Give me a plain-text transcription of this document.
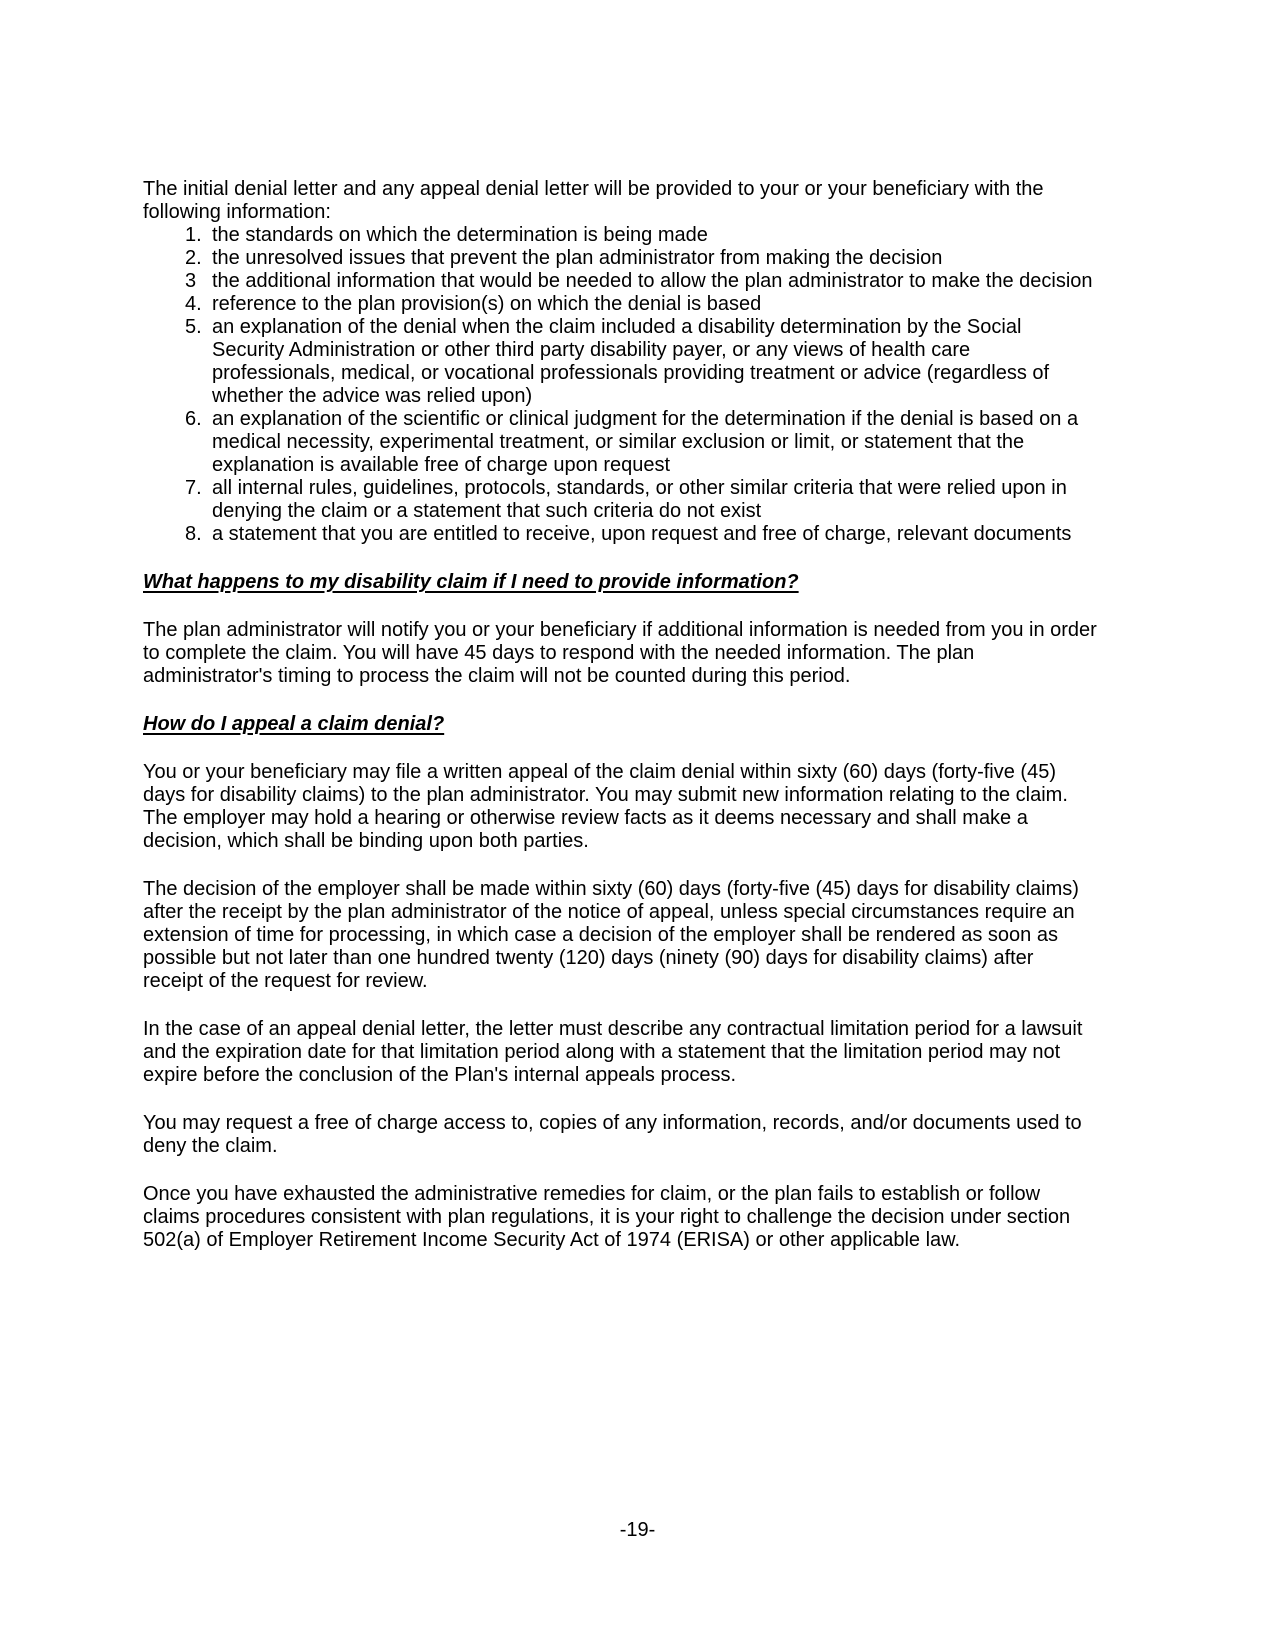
The initial denial letter and any appeal denial letter will be provided to your or your beneficiary with the following information:

1. the standards on which the determination is being made
2. the unresolved issues that prevent the plan administrator from making the decision
3 the additional information that would be needed to allow the plan administrator to make the decision
4. reference to the plan provision(s) on which the denial is based
5. an explanation of the denial when the claim included a disability determination by the Social Security Administration or other third party disability payer, or any views of health care professionals, medical, or vocational professionals providing treatment or advice (regardless of whether the advice was relied upon)
6. an explanation of the scientific or clinical judgment for the determination if the denial is based on a medical necessity, experimental treatment, or similar exclusion or limit, or statement that the explanation is available free of charge upon request
7. all internal rules, guidelines, protocols, standards, or other similar criteria that were relied upon in denying the claim or a statement that such criteria do not exist
8. a statement that you are entitled to receive, upon request and free of charge, relevant documents
What happens to my disability claim if I need to provide information?

The plan administrator will notify you or your beneficiary if additional information is needed from you in order to complete the claim. You will have 45 days to respond with the needed information. The plan administrator's timing to process the claim will not be counted during this period.

How do I appeal a claim denial?

You or your beneficiary may file a written appeal of the claim denial within sixty (60) days (forty-five (45) days for disability claims) to the plan administrator. You may submit new information relating to the claim. The employer may hold a hearing or otherwise review facts as it deems necessary and shall make a decision, which shall be binding upon both parties.

The decision of the employer shall be made within sixty (60) days (forty-five (45) days for disability claims) after the receipt by the plan administrator of the notice of appeal, unless special circumstances require an extension of time for processing, in which case a decision of the employer shall be rendered as soon as possible but not later than one hundred twenty (120) days (ninety (90) days for disability claims) after receipt of the request for review.

In the case of an appeal denial letter, the letter must describe any contractual limitation period for a lawsuit and the expiration date for that limitation period along with a statement that the limitation period may not expire before the conclusion of the Plan's internal appeals process.

You may request a free of charge access to, copies of any information, records, and/or documents used to deny the claim.

Once you have exhausted the administrative remedies for claim, or the plan fails to establish or follow claims procedures consistent with plan regulations, it is your right to challenge the decision under section 502(a) of Employer Retirement Income Security Act of 1974 (ERISA) or other applicable law.

-19-
